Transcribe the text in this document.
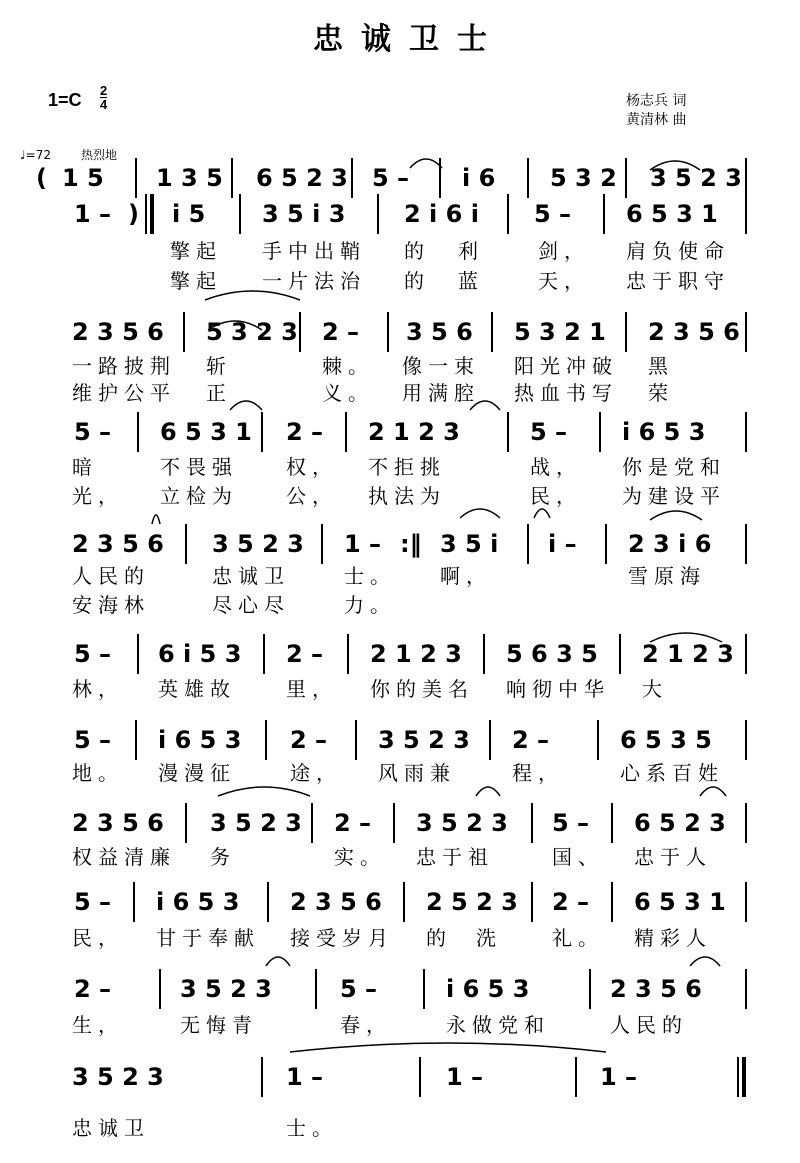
忠诚卫士
1=C 2
4	杨志兵 词
黄清林 曲
♩=72	热烈地
( 1 5 1 3 5 6 5 2 3 5 – i 6 5 3 2 3 5 2 3
1 – ) i 5 3 5 i 3 2 i 6 i 5 – 6 5 3 1
擎起 手中出鞘 的 利	剑， 肩负使命
擎起 一片法治 的 蓝	天， 忠于职守
2 3 5 6 5 3 2 3 2 – 3 5 6 5 3 2 1 2 3 5 6
一路披荆 斩	棘。 像一束 阳光冲破 黑
维护公平 正	义。 用满腔 热血书写 荣
5 – 6 5 3 1 2 – 2 1 2 3	5 – i 6 5 3
暗	不畏强 权， 不拒挑	战， 你是党和
光， 立检为 公， 执法为	民， 为建设平
2 3 5 6 3 5 2 3 1 – :‖ 3 5 i i – 2 3 i 6
人民的	忠诚卫	士。 啊，	雪原海
安海林	尽心尽	力。
5 – 6 i 5 3 2 – 2 1 2 3 5 6 3 5 2 1 2 3
林， 英雄故	里， 你的美名 响彻中华 大
5 – i 6 5 3 2 – 3 5 2 3 2 –	6 5 3 5
地。 漫漫征	途， 风雨兼	程，	心系百姓
2 3 5 6 3 5 2 3 2 – 3 5 2 3 5 – 6 5 2 3
权益清廉 务	实。 忠于祖	国、 忠于人
5 – i 6 5 3 2 3 5 6 2 5 2 3 2 – 6 5 3 1
民， 甘于奉献 接受岁月 的 洗	礼。 精彩人
2 –	3 5 2 3	5 –	i 6 5 3	2 3 5 6
生，	无悔青	春，	永做党和	人民的
3 5 2 3	1 –	1 –	1 –
忠诚卫	士。
